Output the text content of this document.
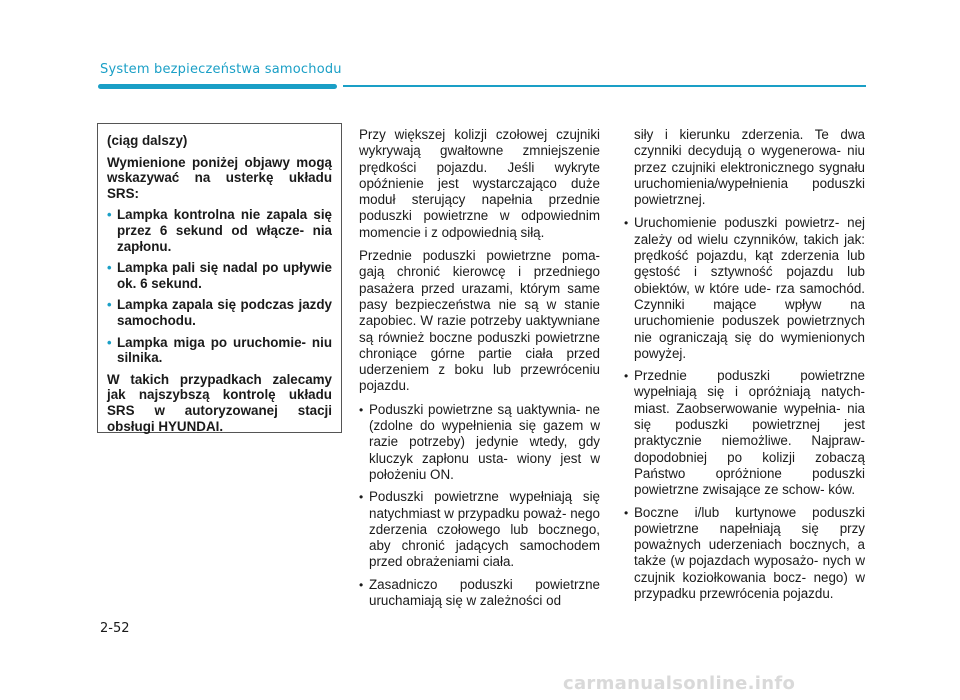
System bezpieczeństwa samochodu

(ciąg dalszy)

Wymienione poniżej objawy mogą wskazywać na usterkę układu SRS:

• Lampka kontrolna nie zapala się przez 6 sekund od włącze- nia zapłonu.
• Lampka pali się nadal po upływie ok. 6 sekund.
• Lampka zapala się podczas jazdy samochodu.
• Lampka miga po uruchomie- niu silnika.

W takich przypadkach zalecamy jak najszybszą kontrolę układu SRS w autoryzowanej stacji obsługi HYUNDAI.

Przy większej kolizji czołowej czujniki wykrywają gwałtowne zmniejszenie prędkości pojazdu. Jeśli wykryte opóźnienie jest wystarczająco duże moduł sterujący napełnia przednie poduszki powietrzne w odpowiednim momencie i z odpowiednią siłą.

Przednie poduszki powietrzne poma- gają chronić kierowcę i przedniego pasażera przed urazami, którym same pasy bezpieczeństwa nie są w stanie zapobiec. W razie potrzeby uaktywniane są również boczne poduszki powietrzne chroniące górne partie ciała przed uderzeniem z boku lub przewróceniu pojazdu.

• Poduszki powietrzne są uaktywnia- ne (zdolne do wypełnienia się gazem w razie potrzeby) jedynie wtedy, gdy kluczyk zapłonu usta- wiony jest w położeniu ON.
• Poduszki powietrzne wypełniają się natychmiast w przypadku poważ- nego zderzenia czołowego lub bocznego, aby chronić jadących samochodem przed obrażeniami ciała.
• Zasadniczo poduszki powietrzne uruchamiają się w zależności od

siły i kierunku zderzenia. Te dwa czynniki decydują o wygenerowa- niu przez czujniki elektronicznego sygnału uruchomienia/wypełnienia poduszki powietrznej.

• Uruchomienie poduszki powietrz- nej zależy od wielu czynników, takich jak: prędkość pojazdu, kąt zderzenia lub gęstość i sztywność pojazdu lub obiektów, w które ude- rza samochód. Czynniki mające wpływ na uruchomienie poduszek powietrznych nie ograniczają się do wymienionych powyżej.
• Przednie poduszki powietrzne wypełniają się i opróżniają natych- miast. Zaobserwowanie wypełnia- nia się poduszki powietrznej jest praktycznie niemożliwe. Najpraw- dopodobniej po kolizji zobaczą Państwo opróżnione poduszki powietrzne zwisające ze schow- ków.
• Boczne i/lub kurtynowe poduszki powietrzne napełniają się przy poważnych uderzeniach bocznych, a także (w pojazdach wyposażo- nych w czujnik koziołkowania bocz- nego) w przypadku przewrócenia pojazdu.
2-52
carmanualsonline.info
